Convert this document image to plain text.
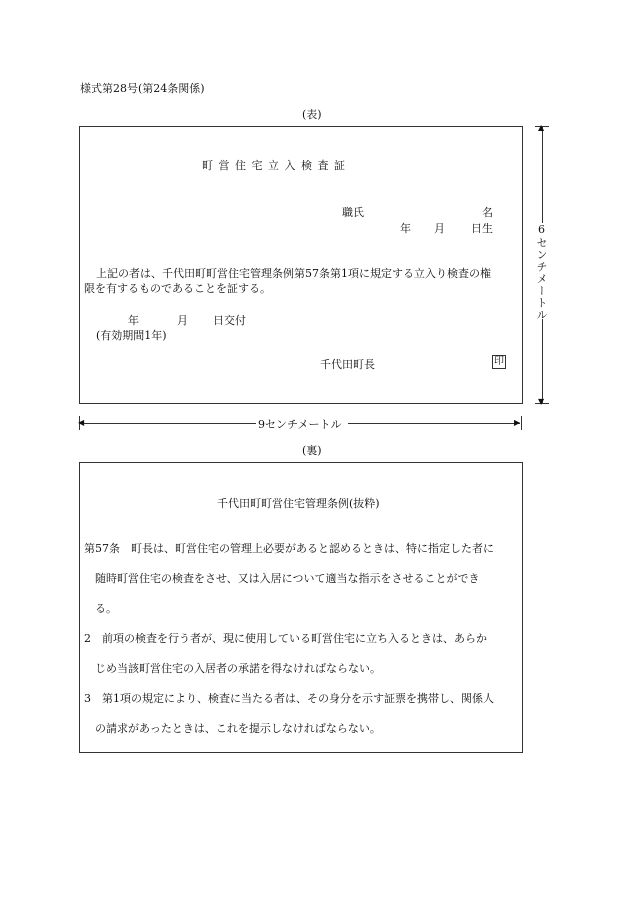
様式第28号(第24条関係)
(表)
町 営 住 宅 立 入 検 査 証
職氏	名
年 月 日生
上記の者は、千代田町町営住宅管理条例第57条第1項に規定する立入り検査の権
限を有するものであることを証する。
年	月 日交付
(有効期間1年)
千代田町長	印
▲
▼
6センチメートル
◀	▶
9センチメートル
(裏)
千代田町町営住宅管理条例(抜粋)
第57条　町長は、町営住宅の管理上必要があると認めるときは、特に指定した者に
　随時町営住宅の検査をさせ、又は入居について適当な指示をさせることができ
　る。
2　前項の検査を行う者が、現に使用している町営住宅に立ち入るときは、あらか
　じめ当該町営住宅の入居者の承諾を得なければならない。
3　第1項の規定により、検査に当たる者は、その身分を示す証票を携帯し、関係人
　の請求があったときは、これを提示しなければならない。
